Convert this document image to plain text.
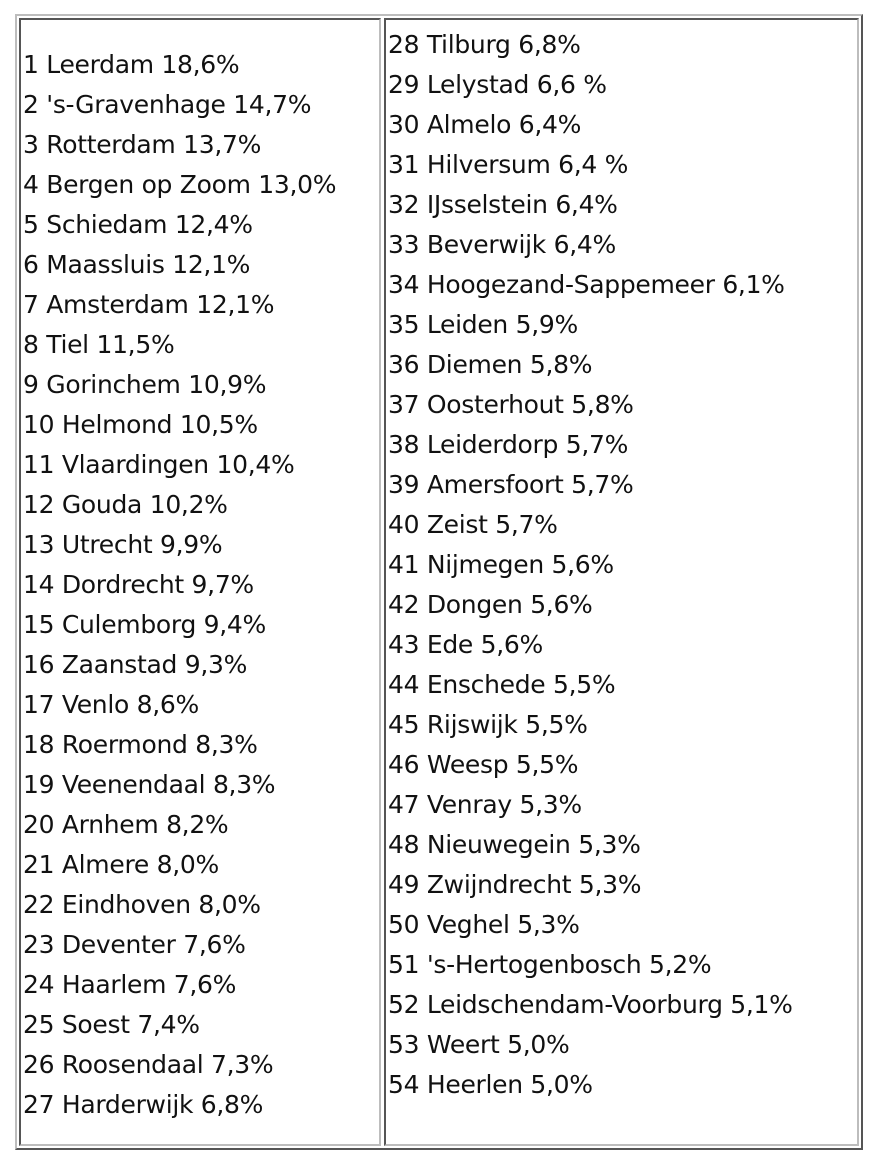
1 Leerdam 18,6%
2 's-Gravenhage 14,7%
3 Rotterdam 13,7%
4 Bergen op Zoom 13,0%
5 Schiedam 12,4%
6 Maassluis 12,1%
7 Amsterdam 12,1%
8 Tiel 11,5%
9 Gorinchem 10,9%
10 Helmond 10,5%
11 Vlaardingen 10,4%
12 Gouda 10,2%
13 Utrecht 9,9%
14 Dordrecht 9,7%
15 Culemborg 9,4%
16 Zaanstad 9,3%
17 Venlo 8,6%
18 Roermond 8,3%
19 Veenendaal 8,3%
20 Arnhem 8,2%
21 Almere 8,0%
22 Eindhoven 8,0%
23 Deventer 7,6%
24 Haarlem 7,6%
25 Soest 7,4%
26 Roosendaal 7,3%
27 Harderwijk 6,8%
28 Tilburg 6,8%
29 Lelystad 6,6 %
30 Almelo 6,4%
31 Hilversum 6,4 %
32 IJsselstein 6,4%
33 Beverwijk 6,4%
34 Hoogezand-Sappemeer 6,1%
35 Leiden 5,9%
36 Diemen 5,8%
37 Oosterhout 5,8%
38 Leiderdorp 5,7%
39 Amersfoort 5,7%
40 Zeist 5,7%
41 Nijmegen 5,6%
42 Dongen 5,6%
43 Ede 5,6%
44 Enschede 5,5%
45 Rijswijk 5,5%
46 Weesp 5,5%
47 Venray 5,3%
48 Nieuwegein 5,3%
49 Zwijndrecht 5,3%
50 Veghel 5,3%
51 's-Hertogenbosch 5,2%
52 Leidschendam-Voorburg 5,1%
53 Weert 5,0%
54 Heerlen 5,0%
